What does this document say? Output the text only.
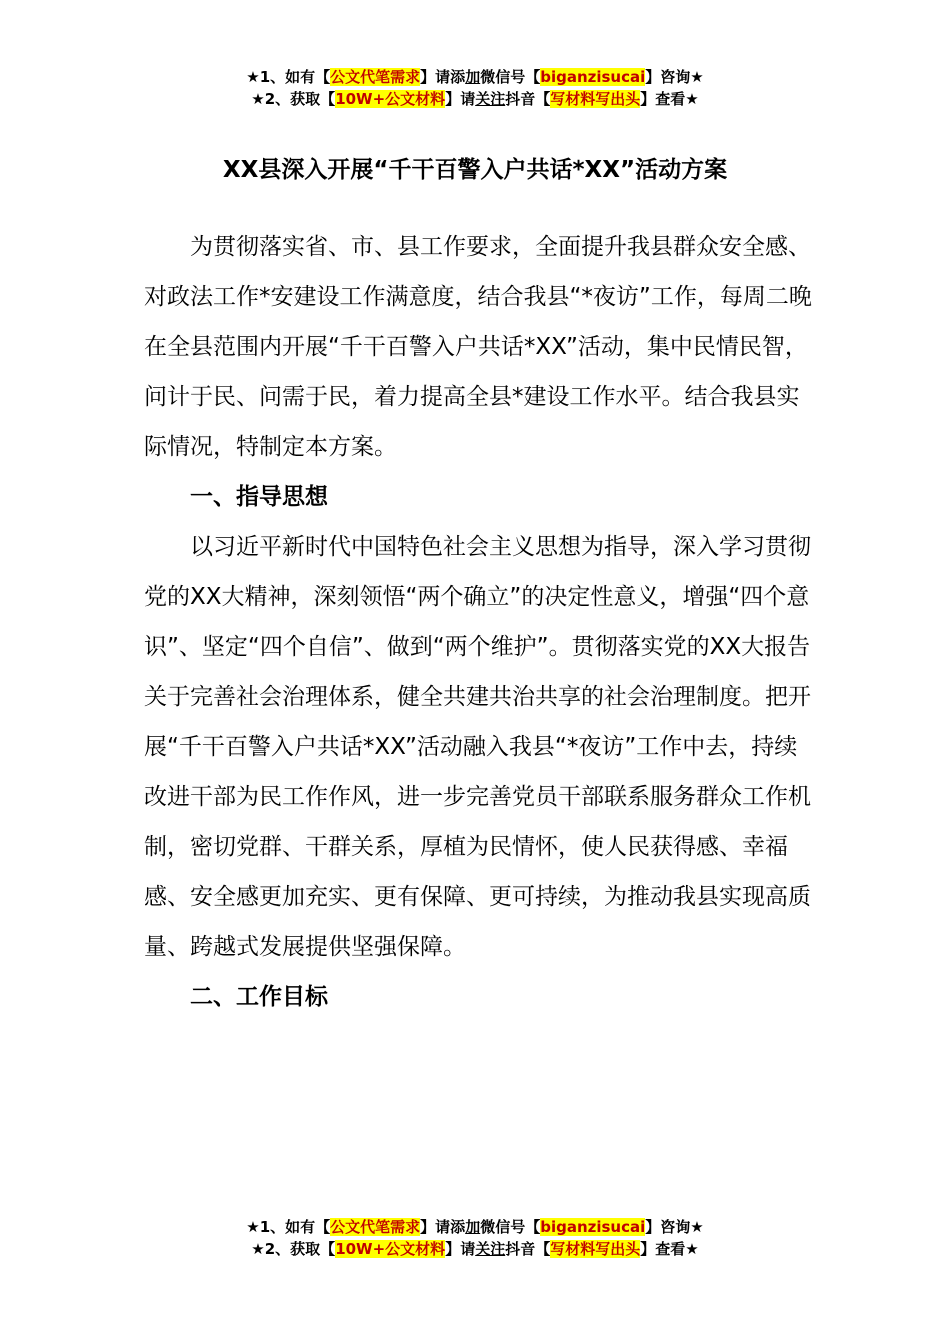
★1、如有【公文代笔需求】请添加微信号【biganzisucai】咨询★
★2、获取【10W+公文材料】请关注抖音【写材料写出头】查看★
XX县深入开展“千干百警入户共话*XX”活动方案

为贯彻落实省、市、县工作要求，全面提升我县群众安全感、对政法工作*安建设工作满意度，结合我县“*夜访”工作，每周二晚在全县范围内开展“千干百警入户共话*XX”活动，集中民情民智，问计于民、问需于民，着力提高全县*建设工作水平。结合我县实际情况，特制定本方案。

一、指导思想

以习近平新时代中国特色社会主义思想为指导，深入学习贯彻党的XX大精神，深刻领悟“两个确立”的决定性意义，增强“四个意识”、坚定“四个自信”、做到“两个维护”。贯彻落实党的XX大报告关于完善社会治理体系，健全共建共治共享的社会治理制度。把开展“千干百警入户共话*XX”活动融入我县“*夜访”工作中去，持续改进干部为民工作作风，进一步完善党员干部联系服务群众工作机制，密切党群、干群关系，厚植为民情怀，使人民获得感、幸福感、安全感更加充实、更有保障、更可持续，为推动我县实现高质量、跨越式发展提供坚强保障。

二、工作目标
★1、如有【公文代笔需求】请添加微信号【biganzisucai】咨询★
★2、获取【10W+公文材料】请关注抖音【写材料写出头】查看★
